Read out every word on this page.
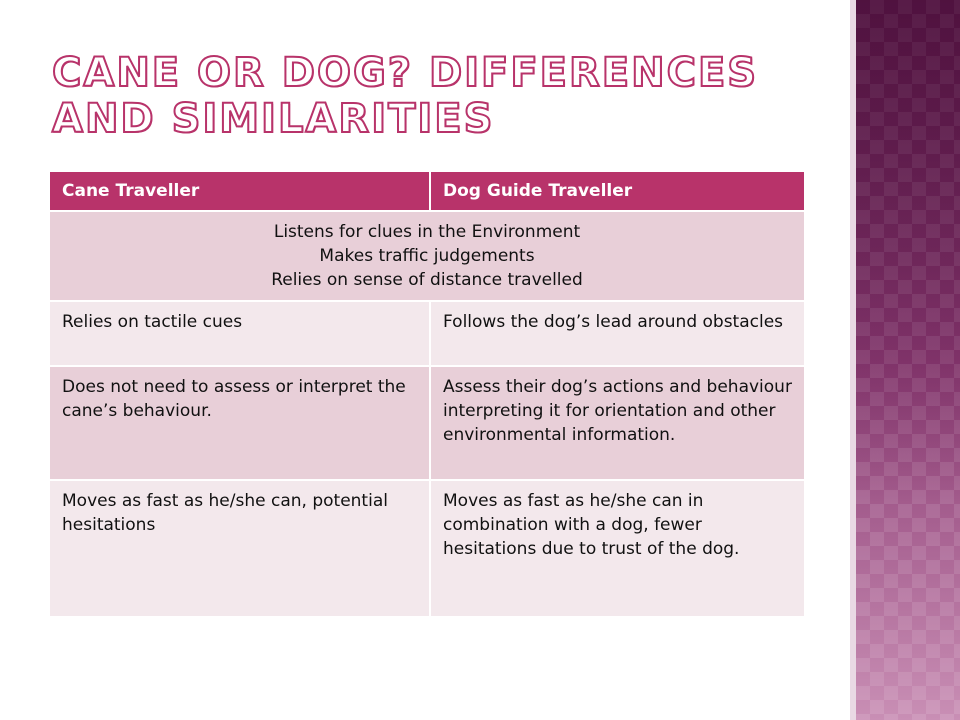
CANE OR DOG? DIFFERENCES AND SIMILARITIES
Cane Traveller	Dog Guide Traveller

Listens for clues in the Environment
Makes traffic judgements
Relies on sense of distance travelled	

Relies on tactile cues	Follows the dog’s lead around obstacles
Does not need to assess or interpret the cane’s behaviour.	Assess their dog’s actions and behaviour interpreting it for orientation and other environmental information.
Moves as fast as he/she can, potential hesitations	Moves as fast as he/she can in combination with a dog, fewer hesitations due to trust of the dog.
